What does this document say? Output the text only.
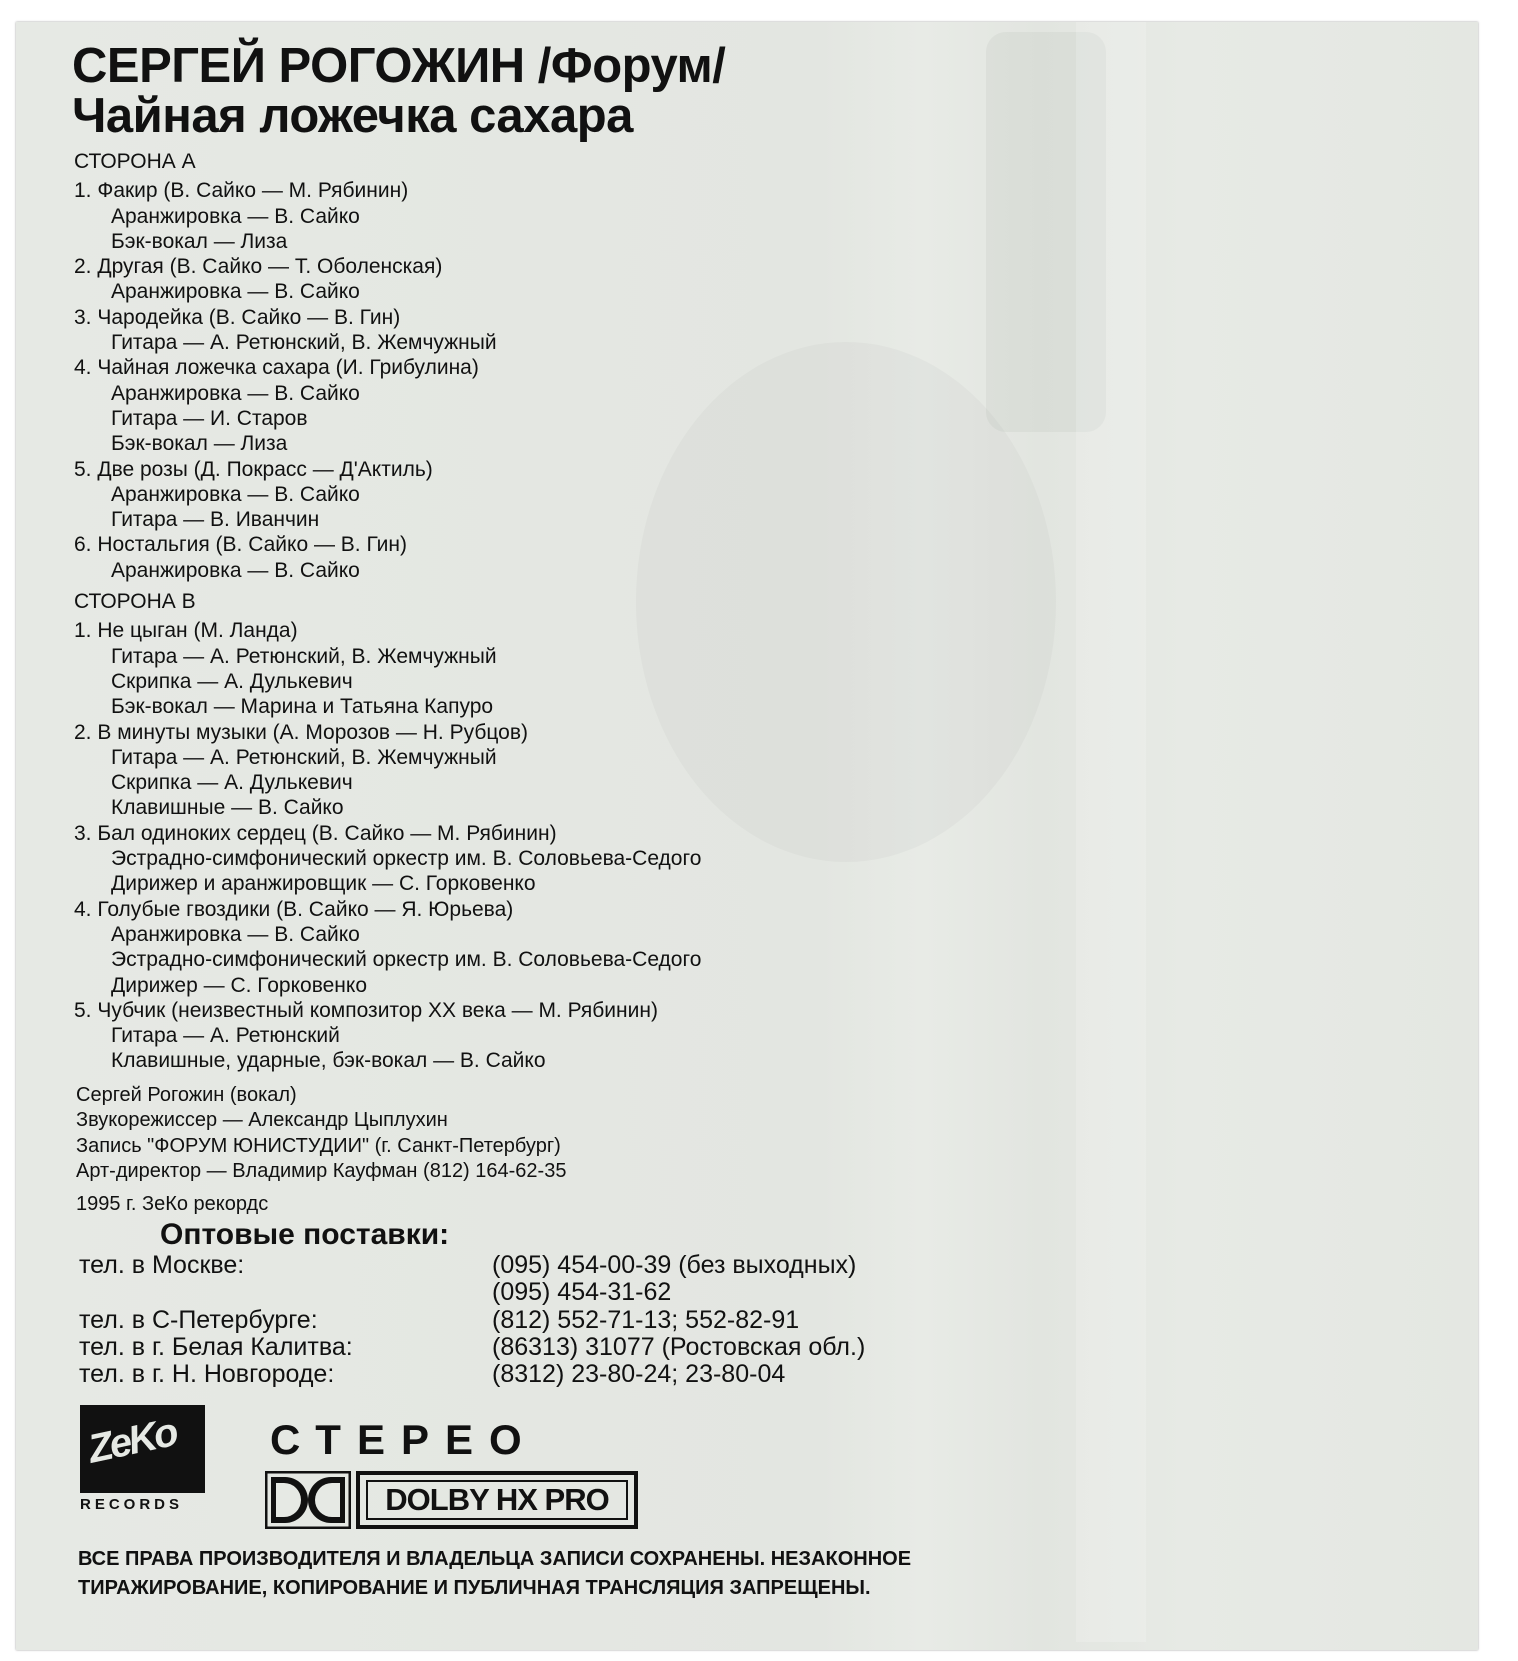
СЕРГЕЙ РОГОЖИН /Форум/
Чайная ложечка сахара
СТОРОНА А
1. Факир (В. Сайко — М. Рябинин)
Аранжировка — В. Сайко
Бэк-вокал — Лиза
2. Другая (В. Сайко — Т. Оболенская)
Аранжировка — В. Сайко
3. Чародейка (В. Сайко — В. Гин)
Гитара — А. Ретюнский, В. Жемчужный
4. Чайная ложечка сахара (И. Грибулина)
Аранжировка — В. Сайко
Гитара — И. Старов
Бэк-вокал — Лиза
5. Две розы (Д. Покрасс — Д'Актиль)
Аранжировка — В. Сайко
Гитара — В. Иванчин
6. Ностальгия (В. Сайко — В. Гин)
Аранжировка — В. Сайко
СТОРОНА В
1. Не цыган (М. Ланда)
Гитара — А. Ретюнский, В. Жемчужный
Скрипка — А. Дулькевич
Бэк-вокал — Марина и Татьяна Капуро
2. В минуты музыки (А. Морозов — Н. Рубцов)
Гитара — А. Ретюнский, В. Жемчужный
Скрипка — А. Дулькевич
Клавишные — В. Сайко
3. Бал одиноких сердец (В. Сайко — М. Рябинин)
Эстрадно-симфонический оркестр им. В. Соловьева-Седого
Дирижер и аранжировщик — С. Горковенко
4. Голубые гвоздики (В. Сайко — Я. Юрьева)
Аранжировка — В. Сайко
Эстрадно-симфонический оркестр им. В. Соловьева-Седого
Дирижер — С. Горковенко
5. Чубчик (неизвестный композитор XX века — М. Рябинин)
Гитара — А. Ретюнский
Клавишные, ударные, бэк-вокал — В. Сайко
Сергей Рогожин (вокал)
Звукорежиссер — Александр Цыплухин
Запись "ФОРУМ ЮНИСТУДИИ" (г. Санкт-Петербург)
Арт-директор — Владимир Кауфман (812) 164-62-35
1995 г. ЗеКо рекордс
Оптовые поставки:
тел. в Москве:	(095) 454-00-39 (без выходных)
(095) 454-31-62
тел. в С-Петербурге:	(812) 552-71-13; 552-82-91
тел. в г. Белая Калитва:	(86313) 31077 (Ростовская обл.)
тел. в г. Н. Новгороде:	(8312) 23-80-24; 23-80-04
ZeKo
RECORDS
СТЕРЕО
DOLBY HX PRO
ВСЕ ПРАВА ПРОИЗВОДИТЕЛЯ И ВЛАДЕЛЬЦА ЗАПИСИ СОХРАНЕНЫ. НЕЗАКОННОЕ
ТИРАЖИРОВАНИЕ, КОПИРОВАНИЕ И ПУБЛИЧНАЯ ТРАНСЛЯЦИЯ ЗАПРЕЩЕНЫ.
